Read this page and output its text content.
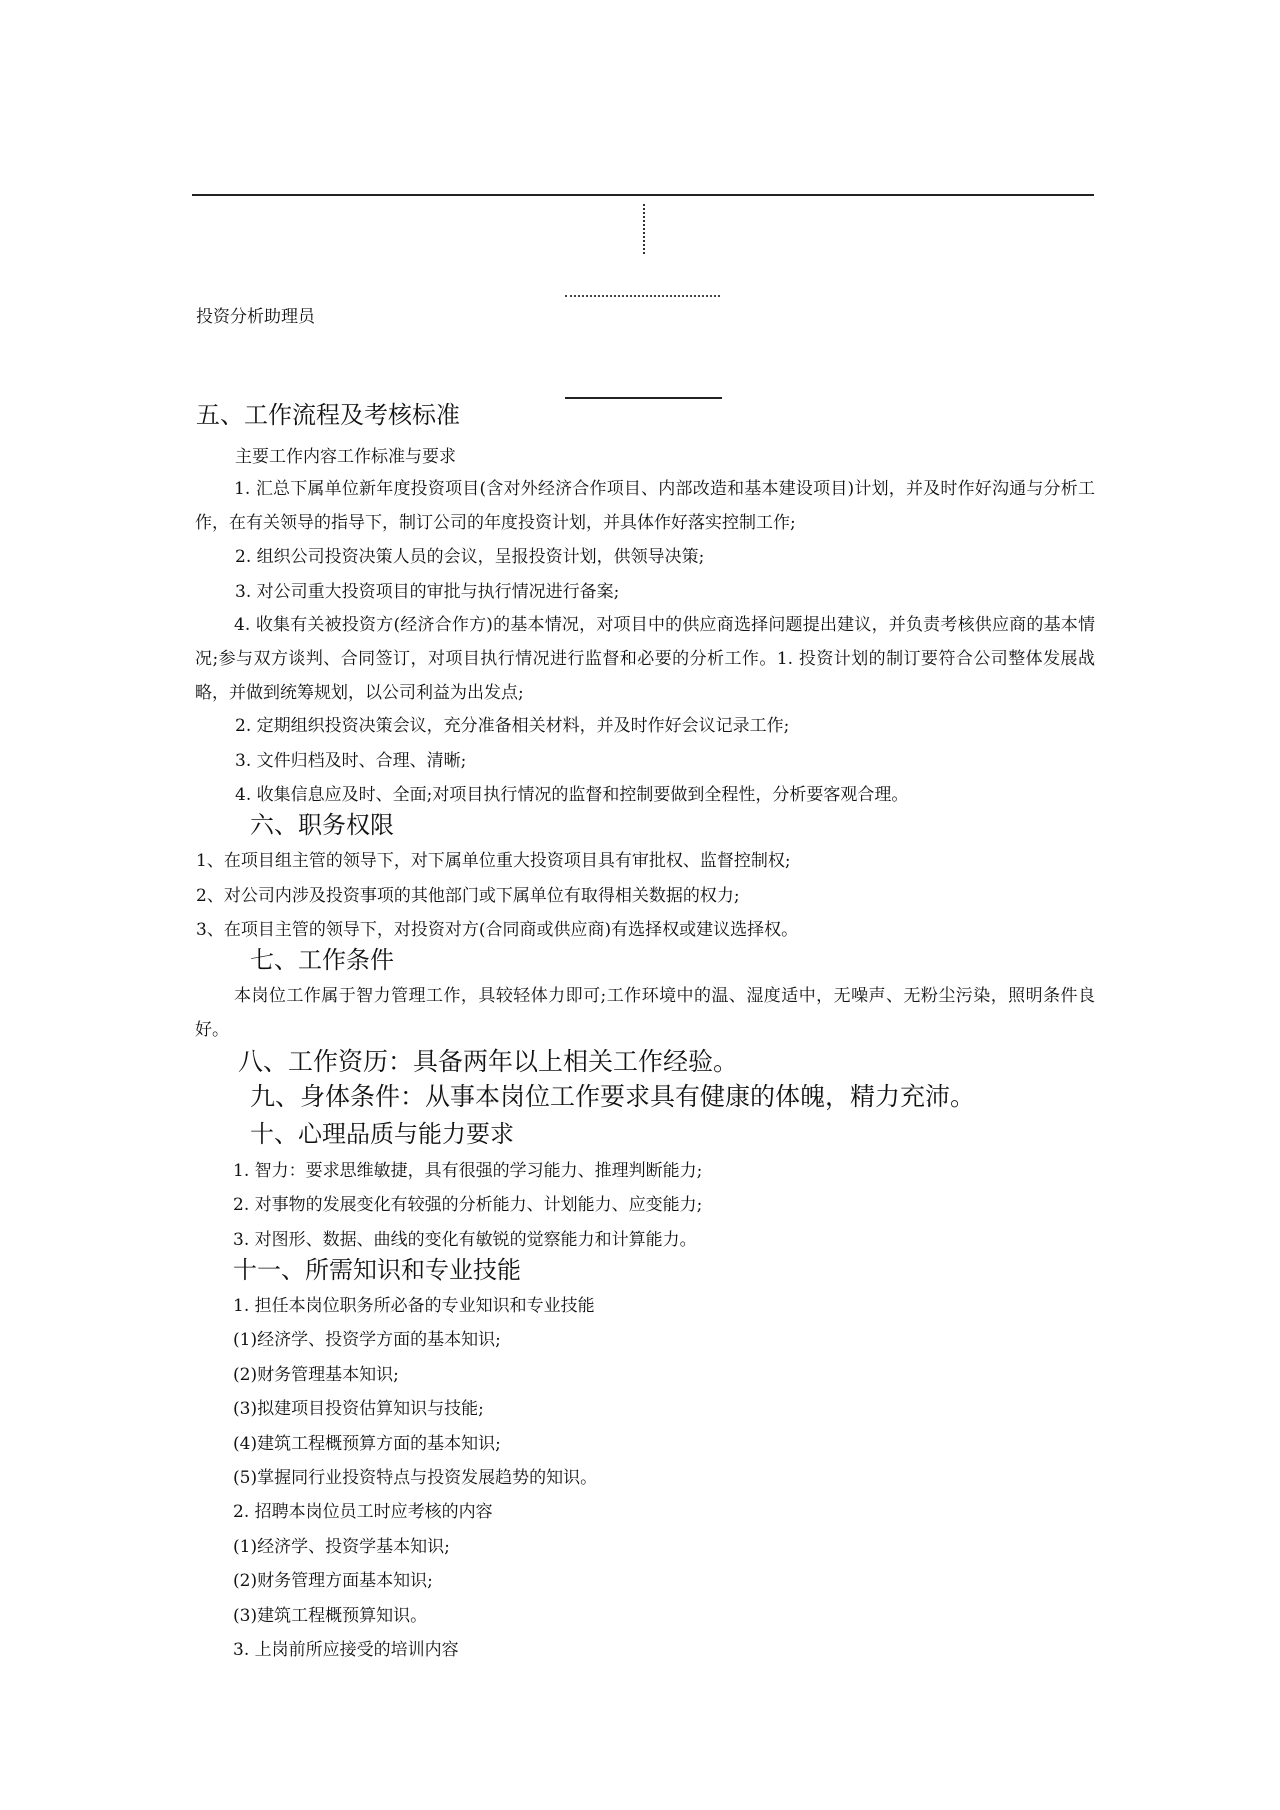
投资分析助理员
五、工作流程及考核标准
主要工作内容工作标准与要求
1. 汇总下属单位新年度投资项目(含对外经济合作项目、内部改造和基本建设项目)计划，并及时作好沟通与分析工作，在有关领导的指导下，制订公司的年度投资计划，并具体作好落实控制工作;
2. 组织公司投资决策人员的会议，呈报投资计划，供领导决策;
3. 对公司重大投资项目的审批与执行情况进行备案;
4. 收集有关被投资方(经济合作方)的基本情况，对项目中的供应商选择问题提出建议，并负责考核供应商的基本情况;参与双方谈判、合同签订，对项目执行情况进行监督和必要的分析工作。1. 投资计划的制订要符合公司整体发展战略，并做到统筹规划，以公司利益为出发点;
2. 定期组织投资决策会议，充分准备相关材料，并及时作好会议记录工作;
3. 文件归档及时、合理、清晰;
4. 收集信息应及时、全面;对项目执行情况的监督和控制要做到全程性，分析要客观合理。
六、职务权限
1、在项目组主管的领导下，对下属单位重大投资项目具有审批权、监督控制权;
2、对公司内涉及投资事项的其他部门或下属单位有取得相关数据的权力;
3、在项目主管的领导下，对投资对方(合同商或供应商)有选择权或建议选择权。
七、工作条件
本岗位工作属于智力管理工作，具较轻体力即可;工作环境中的温、湿度适中，无噪声、无粉尘污染，照明条件良好。
八、工作资历：具备两年以上相关工作经验。
九、身体条件：从事本岗位工作要求具有健康的体魄，精力充沛。
十、心理品质与能力要求
1. 智力：要求思维敏捷，具有很强的学习能力、推理判断能力;
2. 对事物的发展变化有较强的分析能力、计划能力、应变能力;
3. 对图形、数据、曲线的变化有敏锐的觉察能力和计算能力。
十一、所需知识和专业技能
1. 担任本岗位职务所必备的专业知识和专业技能
(1)经济学、投资学方面的基本知识;
(2)财务管理基本知识;
(3)拟建项目投资估算知识与技能;
(4)建筑工程概预算方面的基本知识;
(5)掌握同行业投资特点与投资发展趋势的知识。
2. 招聘本岗位员工时应考核的内容
(1)经济学、投资学基本知识;
(2)财务管理方面基本知识;
(3)建筑工程概预算知识。
3. 上岗前所应接受的培训内容
